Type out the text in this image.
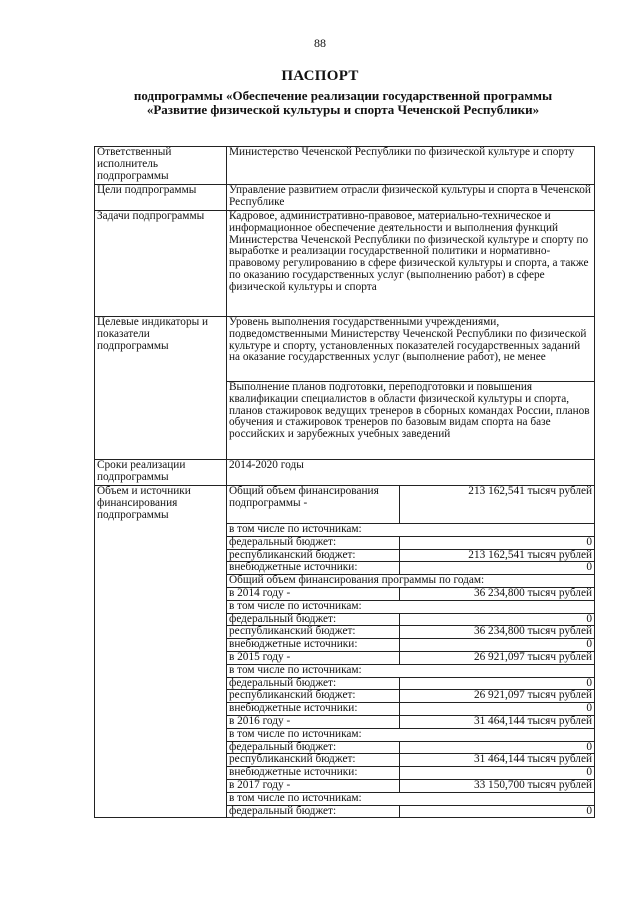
88
ПАСПОРТ
подпрограммы «Обеспечение реализации государственной программы
«Развитие физической культуры и спорта Чеченской Республики»
Ответственный исполнитель подпрограммы	Министерство Чеченской Республики по физической культуре и спорту	
Цели подпрограммы	Управление развитием отрасли физической культуры и спорта в Чеченской Республике	
Задачи подпрограммы	Кадровое, административно-правовое, материально-техническое и информационное обеспечение деятельности и выполнения функций Министерства Чеченской Республики по физической культуре и спорту по выработке и реализации государственной политики и нормативно-правовому регулированию в сфере физической культуры и спорта, а также по оказанию государственных услуг (выполнению работ) в сфере физической культуры и спорта	
Целевые индикаторы и показатели подпрограммы	Уровень выполнения государственными учреждениями, подведомственными Министерству Чеченской Республики по физической культуре и спорту, установленных показателей государственных заданий на оказание государственных услуг (выполнение работ), не менее	
	Выполнение планов подготовки, переподготовки и повышения квалификации специалистов в области физической культуры и спорта, планов стажировок ведущих тренеров в сборных командах России, планов обучения и стажировок тренеров по базовым видам спорта на базе российских и зарубежных учебных заведений	
Сроки реализации подпрограммы	2014-2020 годы	
Объем и источники финансирования подпрограммы	Общий объем финансирования подпрограммы -	213 162,541 тысяч рублей
	в том числе по источникам:	
	федеральный бюджет:	0
	республиканский бюджет:	213 162,541 тысяч рублей
	внебюджетные источники:	0
	Общий объем финансирования программы по годам:	
	в 2014 году -	36 234,800 тысяч рублей
	в том числе по источникам:	
	федеральный бюджет:	0
	республиканский бюджет:	36 234,800 тысяч рублей
	внебюджетные источники:	0
	в 2015 году -	26 921,097 тысяч рублей
	в том числе по источникам:	
	федеральный бюджет:	0
	республиканский бюджет:	26 921,097 тысяч рублей
	внебюджетные источники:	0
	в 2016 году -	31 464,144 тысяч рублей
	в том числе по источникам:	
	федеральный бюджет:	0
	республиканский бюджет:	31 464,144 тысяч рублей
	внебюджетные источники:	0
	в 2017 году -	33 150,700 тысяч рублей
	в том числе по источникам:	
	федеральный бюджет:	0
